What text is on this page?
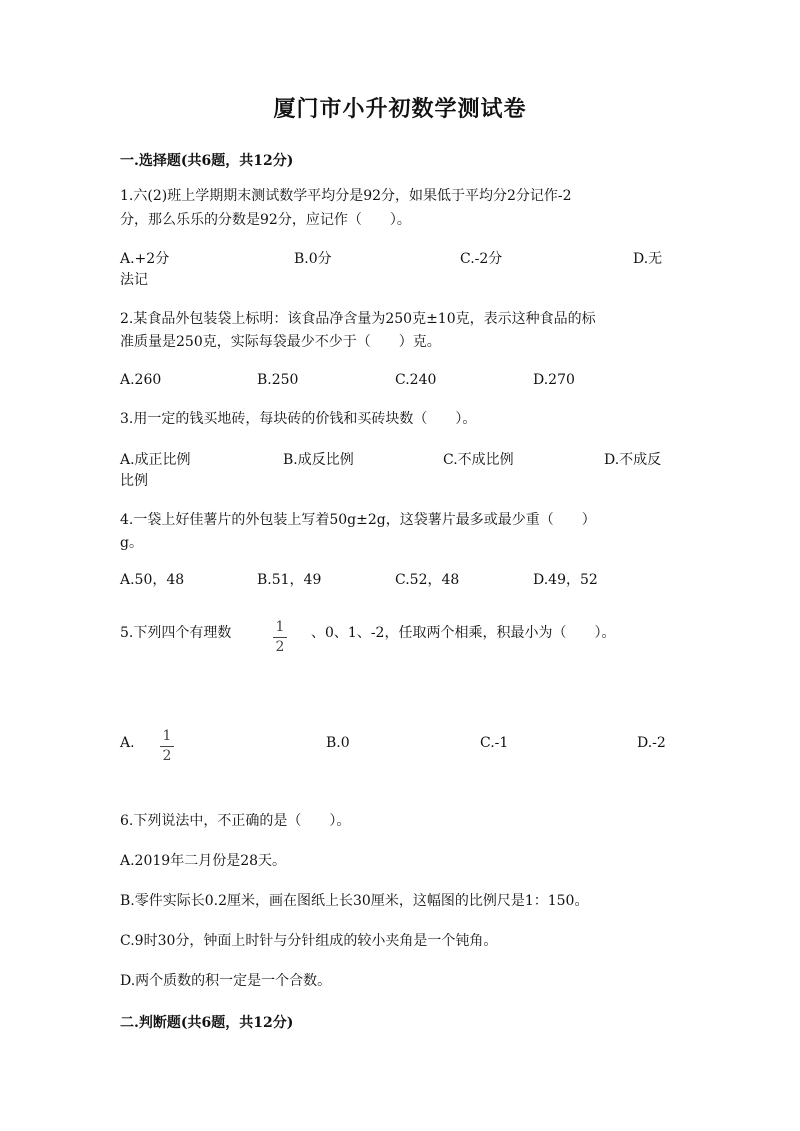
厦门市小升初数学测试卷
一.选择题(共6题，共12分)
1.六(2)班上学期期末测试数学平均分是92分，如果低于平均分2分记作-2
分，那么乐乐的分数是92分，应记作（　　）。
A.+2分	B.0分	C.-2分	D.无
法记
2.某食品外包装袋上标明：该食品净含量为250克±10克，表示这种食品的标
准质量是250克，实际每袋最少不少于（　　）克。
A.260	B.250	C.240	D.270
3.用一定的钱买地砖，每块砖的价钱和买砖块数（　　）。
A.成正比例	B.成反比例	C.不成比例	D.不成反
比例
4.一袋上好佳薯片的外包装上写着50g±2g，这袋薯片最多或最少重（　　）
g。
A.50，48	B.51，49	C.52，48	D.49，52
5.下列四个有理数	1
2
、0、1、-2，任取两个相乘，积最小为（　　）。
A. 1
2
B.0	C.-1	D.-2
6.下列说法中，不正确的是（　　）。
A.2019年二月份是28天。
B.零件实际长0.2厘米，画在图纸上长30厘米，这幅图的比例尺是1：150。
C.9时30分，钟面上时针与分针组成的较小夹角是一个钝角。
D.两个质数的积一定是一个合数。
二.判断题(共6题，共12分)
